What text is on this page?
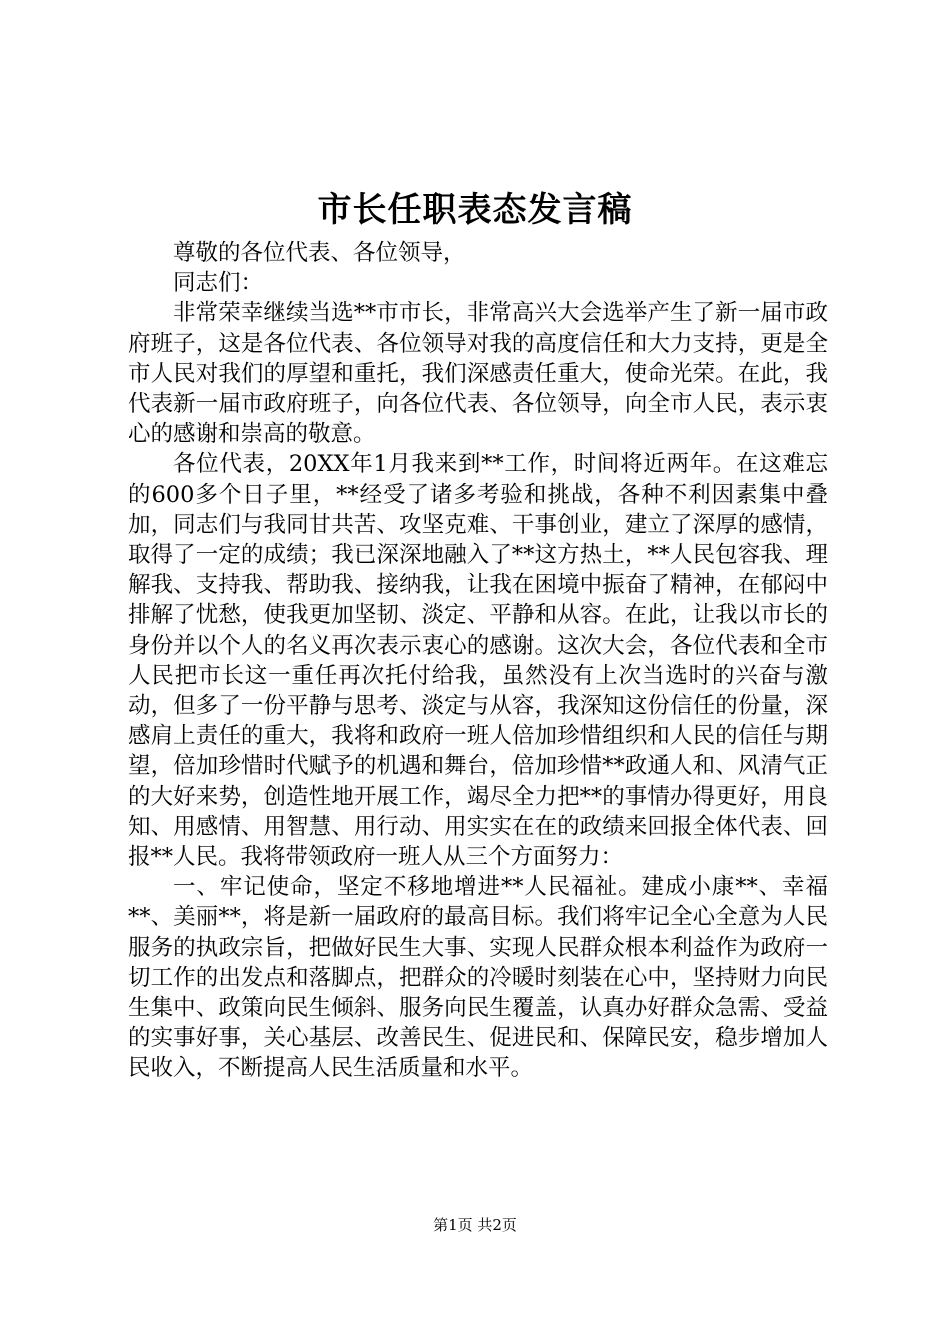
市长任职表态发言稿

尊敬的各位代表、各位领导，

同志们：

非常荣幸继续当选**市市长，非常高兴大会选举产生了新一届市政府班子，这是各位代表、各位领导对我的高度信任和大力支持，更是全市人民对我们的厚望和重托，我们深感责任重大，使命光荣。在此，我代表新一届市政府班子，向各位代表、各位领导，向全市人民，表示衷心的感谢和崇高的敬意。

各位代表，20XX年1月我来到**工作，时间将近两年。在这难忘的600多个日子里，**经受了诸多考验和挑战，各种不利因素集中叠加，同志们与我同甘共苦、攻坚克难、干事创业，建立了深厚的感情，取得了一定的成绩；我已深深地融入了**这方热土，**人民包容我、理解我、支持我、帮助我、接纳我，让我在困境中振奋了精神，在郁闷中排解了忧愁，使我更加坚韧、淡定、平静和从容。在此，让我以市长的身份并以个人的名义再次表示衷心的感谢。这次大会，各位代表和全市人民把市长这一重任再次托付给我，虽然没有上次当选时的兴奋与激动，但多了一份平静与思考、淡定与从容，我深知这份信任的份量，深感肩上责任的重大，我将和政府一班人倍加珍惜组织和人民的信任与期望，倍加珍惜时代赋予的机遇和舞台，倍加珍惜**政通人和、风清气正的大好来势，创造性地开展工作，竭尽全力把**的事情办得更好，用良知、用感情、用智慧、用行动、用实实在在的政绩来回报全体代表、回报**人民。我将带领政府一班人从三个方面努力：

一、牢记使命，坚定不移地增进**人民福祉。建成小康**、幸福**、美丽**，将是新一届政府的最高目标。我们将牢记全心全意为人民服务的执政宗旨，把做好民生大事、实现人民群众根本利益作为政府一切工作的出发点和落脚点，把群众的冷暖时刻装在心中，坚持财力向民生集中、政策向民生倾斜、服务向民生覆盖，认真办好群众急需、受益的实事好事，关心基层、改善民生、促进民和、保障民安，稳步增加人民收入，不断提高人民生活质量和水平。

第1页 共2页
